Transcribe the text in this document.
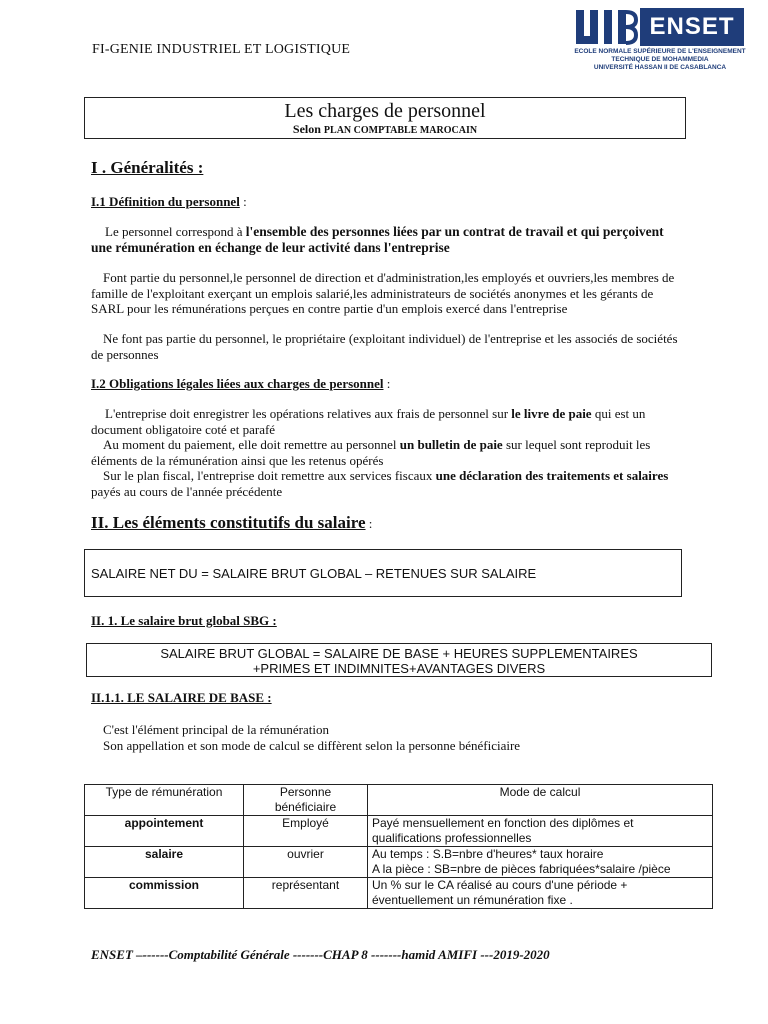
FI-GENIE INDUSTRIEL ET LOGISTIQUE
ENSET
ECOLE NORMALE SUPÉRIEURE DE L'ENSEIGNEMENT
TECHNIQUE DE MOHAMMEDIA
UNIVERSITÉ HASSAN II DE CASABLANCA
Les charges de personnel
Selon PLAN COMPTABLE MAROCAIN
I . Généralités :
I.1 Définition du personnel :
Le personnel correspond à l'ensemble des personnes liées par un contrat de travail et qui perçoivent une rémunération en échange de leur activité dans l'entreprise
Font partie du personnel,le personnel de direction et d'administration,les employés et ouvriers,les membres de famille de l'exploitant exerçant un emplois salarié,les administrateurs de sociétés anonymes et les gérants de SARL pour les rémunérations perçues en contre partie d'un emplois exercé dans l'entreprise
Ne font pas partie du personnel, le propriétaire (exploitant individuel) de l'entreprise et les associés de sociétés de personnes
I.2 Obligations légales liées aux charges de personnel :
L'entreprise doit enregistrer les opérations relatives aux frais de personnel sur le livre de paie qui est un document obligatoire coté et parafé
Au moment du paiement, elle doit remettre au personnel un bulletin de paie sur lequel sont reproduit les éléments de la rémunération ainsi que les retenus opérés
Sur le plan fiscal, l'entreprise doit remettre aux services fiscaux une déclaration des traitements et salaires payés au cours de l'année précédente
II. Les éléments constitutifs du salaire :
SALAIRE NET DU = SALAIRE BRUT GLOBAL – RETENUES SUR SALAIRE
II. 1. Le salaire brut global SBG :
SALAIRE BRUT GLOBAL = SALAIRE DE BASE + HEURES SUPPLEMENTAIRES
+PRIMES ET INDIMNITES+AVANTAGES DIVERS
II.1.1. LE SALAIRE DE BASE :
C'est l'élément principal de la rémunération
Son appellation et son mode de calcul se diffèrent selon la personne bénéficiaire
Type de rémunération	Personne bénéficiaire	Mode de calcul
appointement	Employé	Payé mensuellement en fonction des diplômes et
qualifications professionnelles

salaire	ouvrier	Au temps : S.B=nbre d'heures* taux horaire
A la pièce : SB=nbre de pièces fabriquées*salaire /pièce

commission	représentant	Un % sur le CA réalisé au cours d'une période +
éventuellement un rémunération fixe .
ENSET –------Comptabilité Générale -------CHAP 8 -------hamid AMIFI ---2019-2020
